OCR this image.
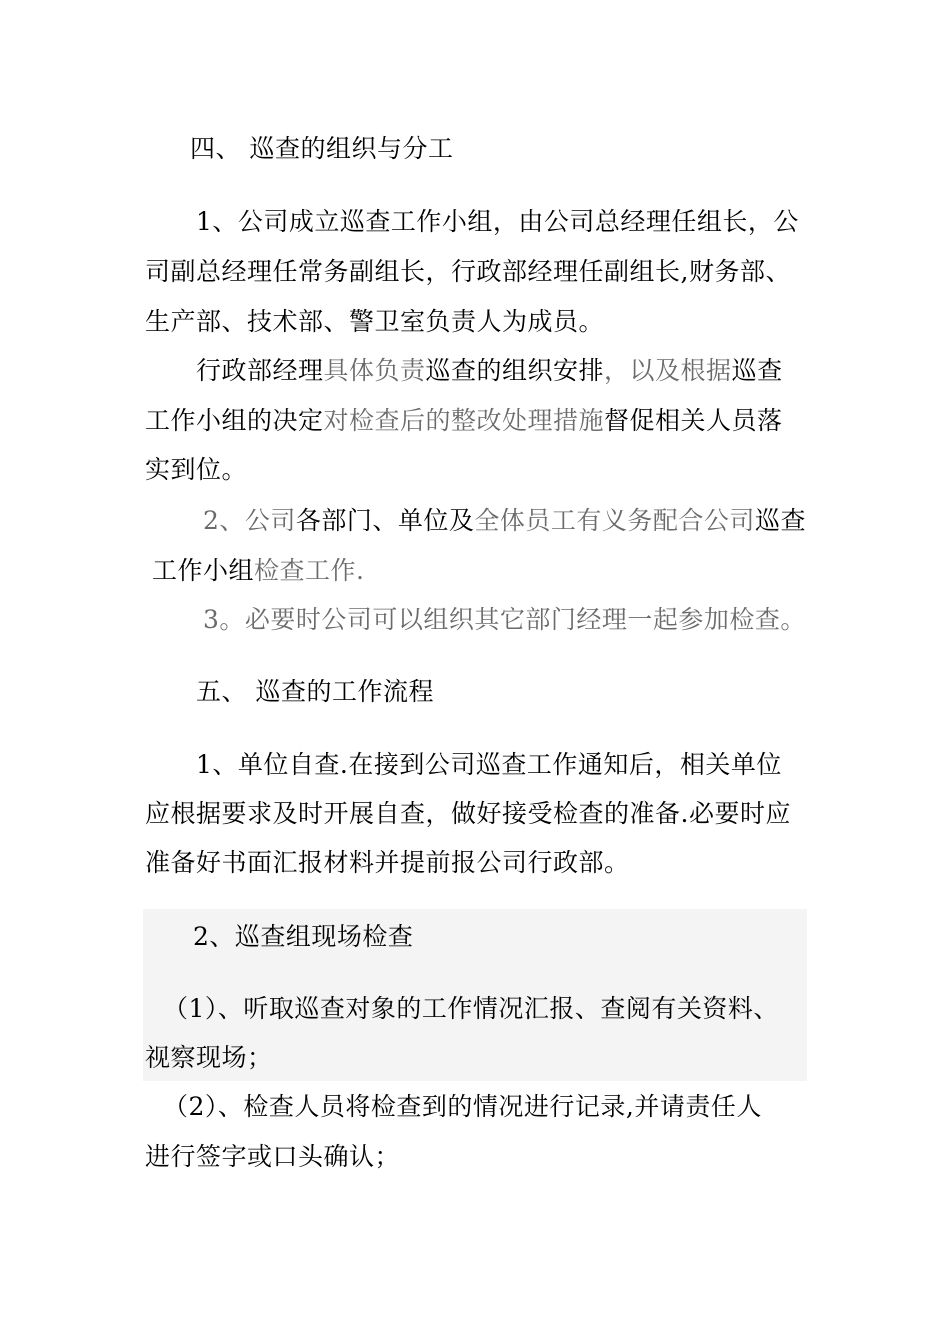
四、 巡查的组织与分工
1、公司成立巡查工作小组，由公司总经理任组长，公
司副总经理任常务副组长，行政部经理任副组长,财务部、
生产部、技术部、警卫室负责人为成员。
行政部经理具体负责巡查的组织安排，以及根据巡查
工作小组的决定对检查后的整改处理措施督促相关人员落
实到位。
2、公司各部门、单位及全体员工有义务配合公司巡查
工作小组检查工作.
3。必要时公司可以组织其它部门经理一起参加检查。
五、 巡查的工作流程
1、单位自查.在接到公司巡查工作通知后，相关单位
应根据要求及时开展自查，做好接受检查的准备.必要时应
准备好书面汇报材料并提前报公司行政部。
2、巡查组现场检查
（1）、听取巡查对象的工作情况汇报、查阅有关资料、
视察现场；
（2）、检查人员将检查到的情况进行记录,并请责任人
进行签字或口头确认；
